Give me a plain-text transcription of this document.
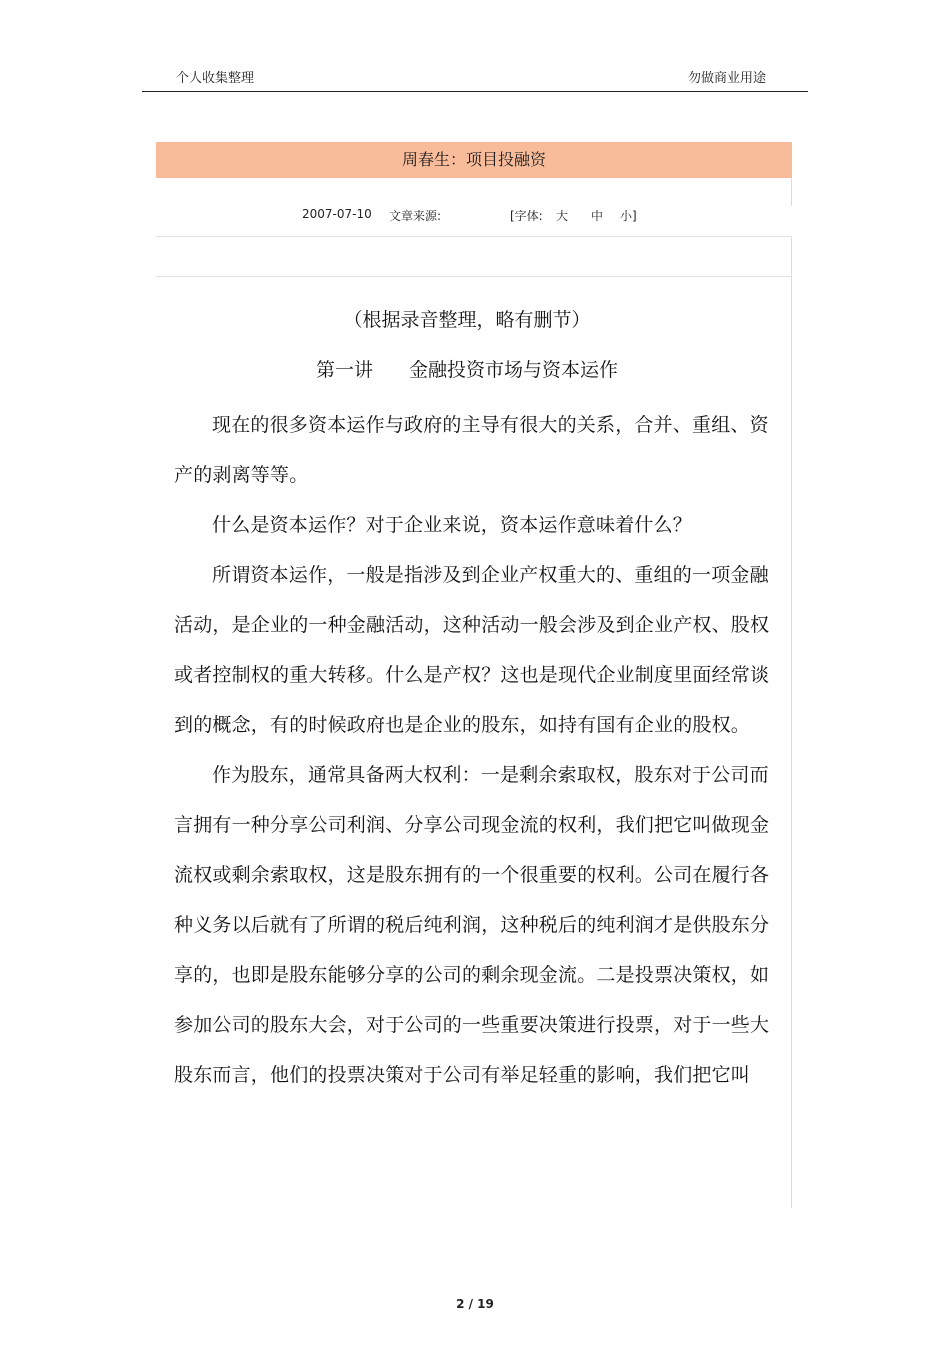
个人收集整理	勿做商业用途
周春生：项目投融资
2007-07-10 文章来源:	[字体: 大 中 小]
（根据录音整理，略有删节）
第一讲 金融投资市场与资本运作

现在的很多资本运作与政府的主导有很大的关系，合并、重组、资产的剥离等等。

什么是资本运作？对于企业来说，资本运作意味着什么？

所谓资本运作，一般是指涉及到企业产权重大的、重组的一项金融活动，是企业的一种金融活动，这种活动一般会涉及到企业产权、股权或者控制权的重大转移。什么是产权？这也是现代企业制度里面经常谈到的概念，有的时候政府也是企业的股东，如持有国有企业的股权。

作为股东，通常具备两大权利：一是剩余索取权，股东对于公司而言拥有一种分享公司利润、分享公司现金流的权利，我们把它叫做现金流权或剩余索取权，这是股东拥有的一个很重要的权利。公司在履行各种义务以后就有了所谓的税后纯利润，这种税后的纯利润才是供股东分享的，也即是股东能够分享的公司的剩余现金流。二是投票决策权，如参加公司的股东大会，对于公司的一些重要决策进行投票，对于一些大股东而言，他们的投票决策对于公司有举足轻重的影响，我们把它叫

2 / 19
